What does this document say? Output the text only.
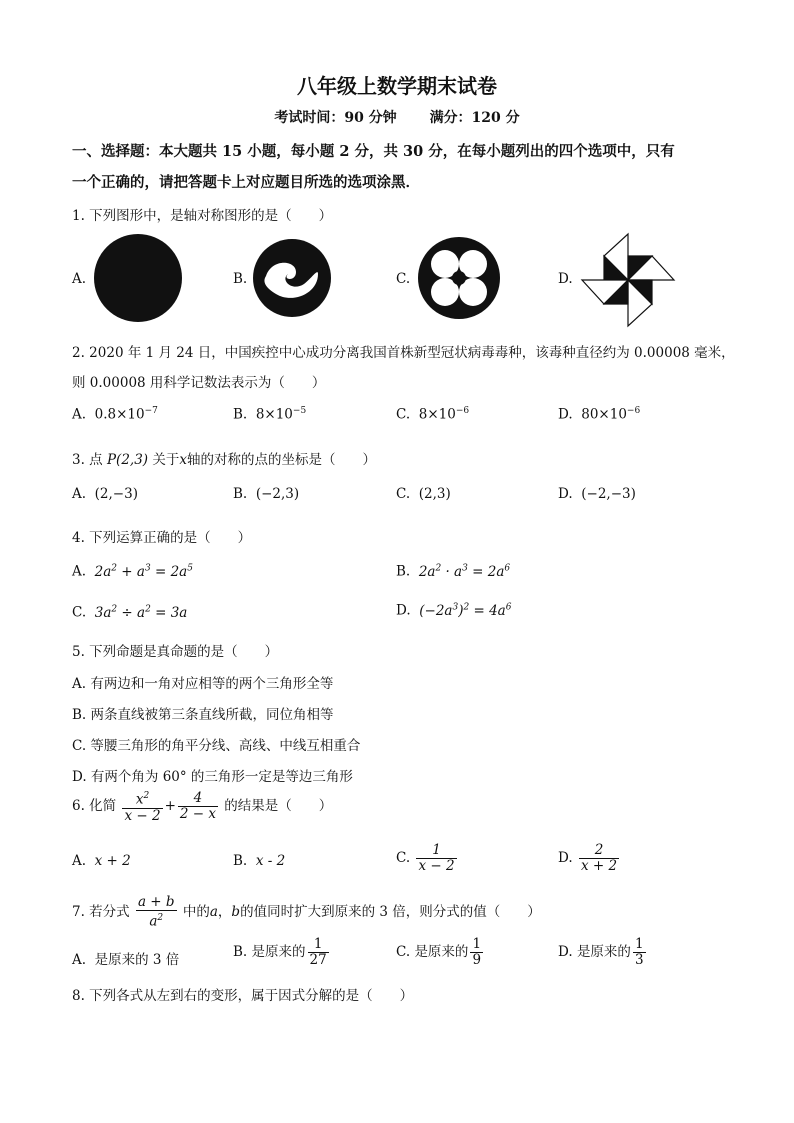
八年级上数学期末试卷
考试时间：90 分钟 满分：120 分
一、选择题：本大题共 15 小题，每小题 2 分，共 30 分，在每小题列出的四个选项中，只有
一个正确的，请把答题卡上对应题目所选的选项涂黑．
1. 下列图形中，是轴对称图形的是（　　）
A.	B.	C.	D.
2. 2020 年 1 月 24 日，中国疾控中心成功分离我国首株新型冠状病毒毒种，该毒种直径约为 0.00008 毫米，
则 0.00008 用科学记数法表示为（　　）
A. $0.8\times 10^{-7}$	B. $8\times 10^{-5}$	C. $8\times 10^{-6}$	D. $80\times 10^{-6}$
3. 点 P(2,3) 关于x轴的对称的点的坐标是（　　）
A. (2,−3)	B. (−2,3)	C. (2,3)	D. (−2,−3)
4. 下列运算正确的是（　　）
A. $2a^2 + a^3 = 2a^5$	B. $2a^2 \cdot a^3 = 2a^6$
C. $3a^2 \div a^2 = 3a$	D. $(-2a^3)^2 = 4a^6$
5. 下列命题是真命题的是（　　）
A. 有两边和一角对应相等的两个三角形全等
B. 两条直线被第三条直线所截，同位角相等
C. 等腰三角形的角平分线、高线、中线互相重合
D. 有两个角为 60° 的三角形一定是等边三角形
6. 化简 $\frac{x^2}{x - 2} + \frac{4}{2 - x}$ 的结果是（　　）
A. x + 2	B. x - 2	C. $\frac{1}{x - 2}$	D. $\frac{2}{x + 2}$
7. 若分式 $\frac{a + b}{a^2}$ 中的a，b的值同时扩大到原来的 3 倍，则分式的值（　　）
A. 是原来的 3 倍	B. 是原来的 $\frac{1}{27}$	C. 是原来的 $\frac{1}{9}$	D. 是原来的 $\frac{1}{3}$
8. 下列各式从左到右的变形，属于因式分解的是（　　）
